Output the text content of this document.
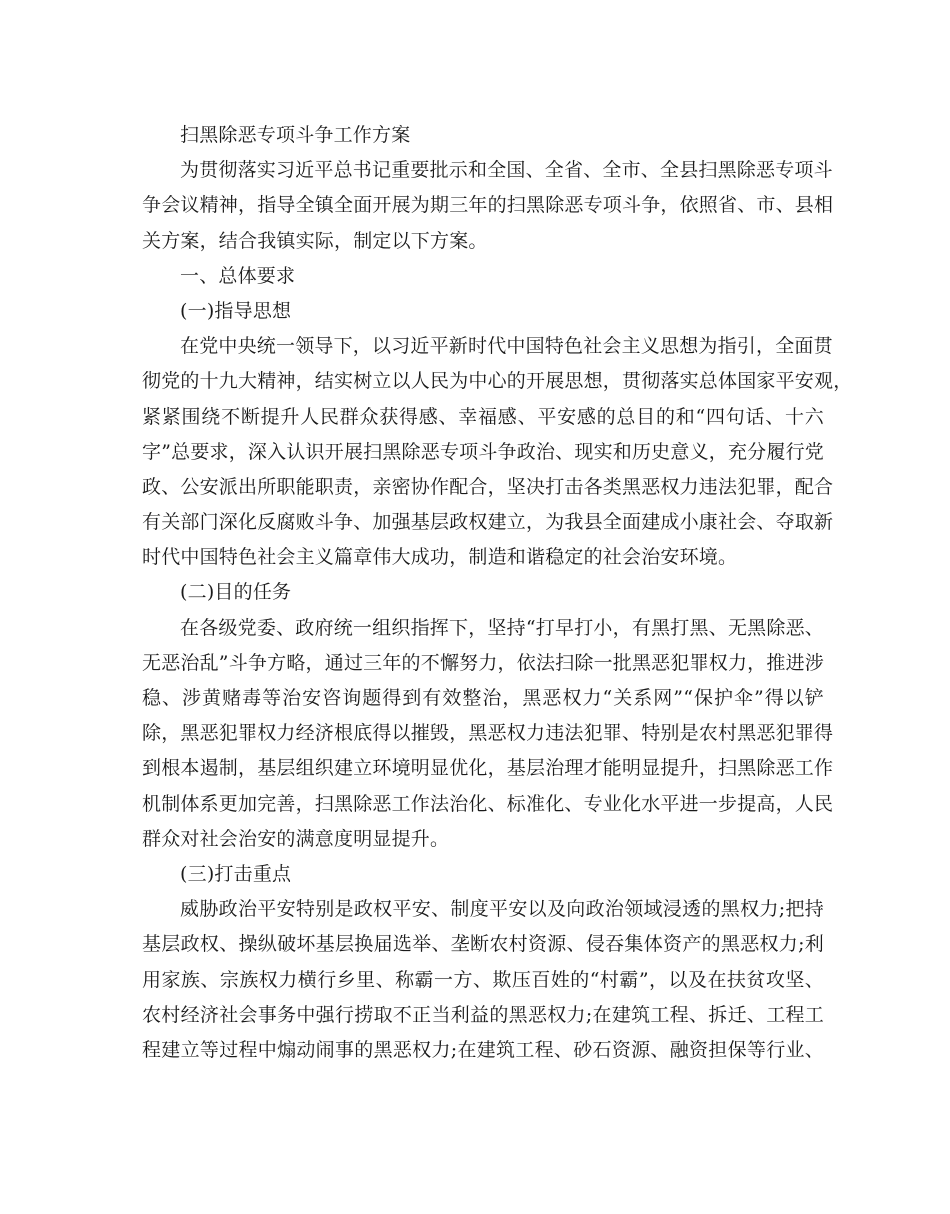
扫黑除恶专项斗争工作方案
为贯彻落实习近平总书记重要批示和全国、全省、全市、全县扫黑除恶专项斗
争会议精神，指导全镇全面开展为期三年的扫黑除恶专项斗争，依照省、市、县相
关方案，结合我镇实际，制定以下方案。
一、总体要求
(一)指导思想
在党中央统一领导下，以习近平新时代中国特色社会主义思想为指引，全面贯
彻党的十九大精神，结实树立以人民为中心的开展思想，贯彻落实总体国家平安观，
紧紧围绕不断提升人民群众获得感、幸福感、平安感的总目的和“四句话、十六
字”总要求，深入认识开展扫黑除恶专项斗争政治、现实和历史意义，充分履行党
政、公安派出所职能职责，亲密协作配合，坚决打击各类黑恶权力违法犯罪，配合
有关部门深化反腐败斗争、加强基层政权建立，为我县全面建成小康社会、夺取新
时代中国特色社会主义篇章伟大成功，制造和谐稳定的社会治安环境。
(二)目的任务
在各级党委、政府统一组织指挥下，坚持“打早打小，有黑打黑、无黑除恶、
无恶治乱”斗争方略，通过三年的不懈努力，依法扫除一批黑恶犯罪权力，推进涉
稳、涉黄赌毒等治安咨询题得到有效整治，黑恶权力“关系网”“保护伞”得以铲
除，黑恶犯罪权力经济根底得以摧毁，黑恶权力违法犯罪、特别是农村黑恶犯罪得
到根本遏制，基层组织建立环境明显优化，基层治理才能明显提升，扫黑除恶工作
机制体系更加完善，扫黑除恶工作法治化、标准化、专业化水平进一步提高，人民
群众对社会治安的满意度明显提升。
(三)打击重点
威胁政治平安特别是政权平安、制度平安以及向政治领域浸透的黑权力;把持
基层政权、操纵破坏基层换届选举、垄断农村资源、侵吞集体资产的黑恶权力;利
用家族、宗族权力横行乡里、称霸一方、欺压百姓的“村霸”，以及在扶贫攻坚、
农村经济社会事务中强行捞取不正当利益的黑恶权力;在建筑工程、拆迁、工程工
程建立等过程中煽动闹事的黑恶权力;在建筑工程、砂石资源、融资担保等行业、
